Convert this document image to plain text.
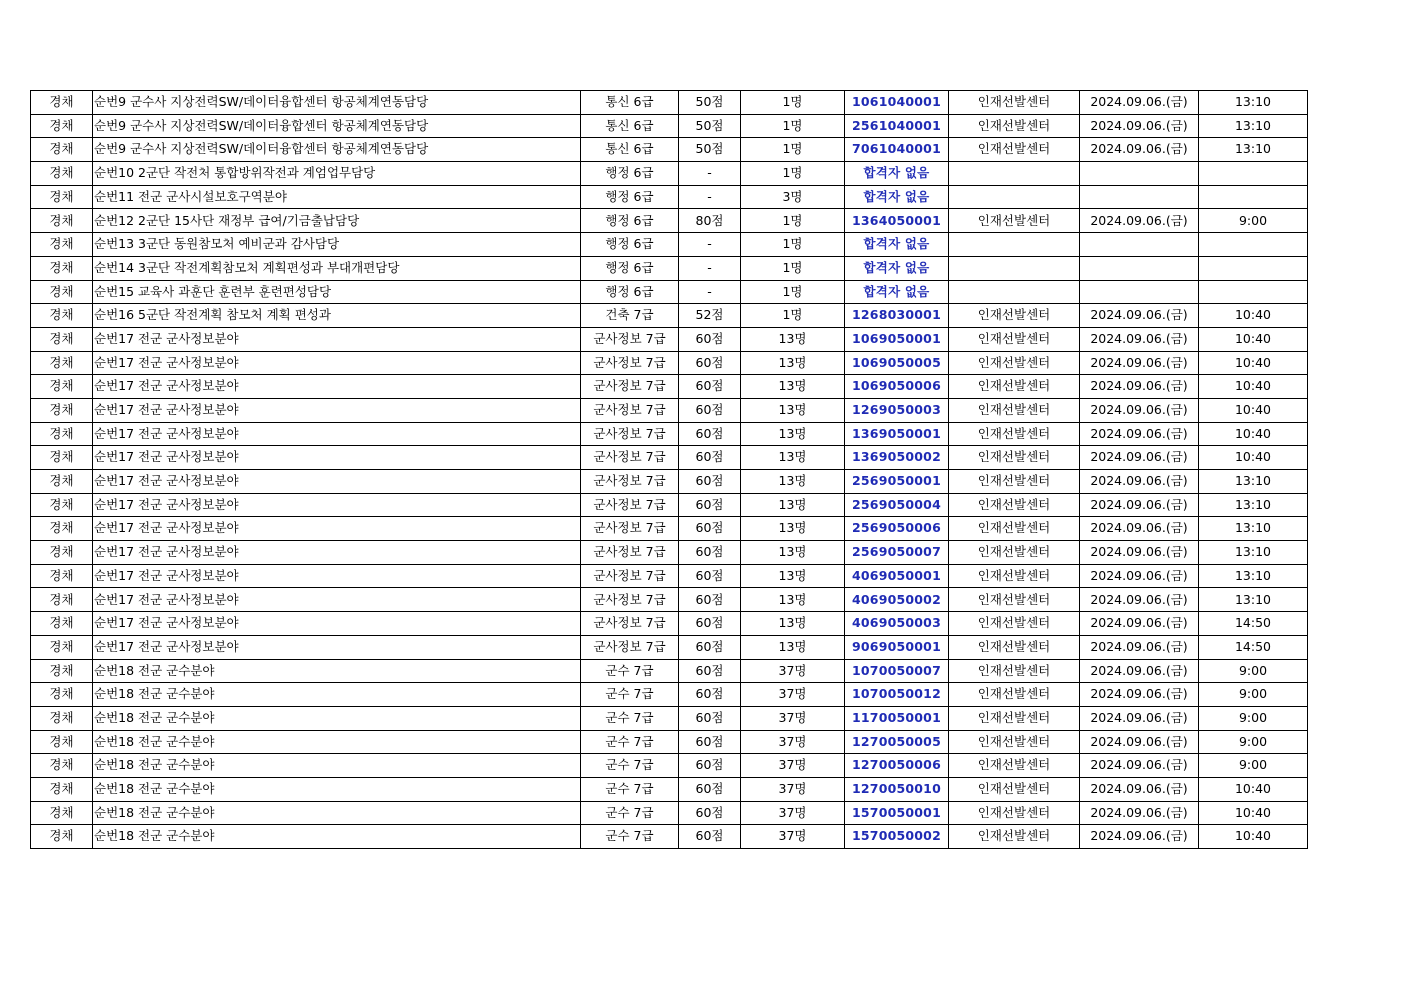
경채	순번9 군수사 지상전력SW/데이터융합센터 항공체계연동담당	통신 6급	50점	1명	1061040001	인재선발센터	2024.09.06.(금)	13:10
경채	순번9 군수사 지상전력SW/데이터융합센터 항공체계연동담당	통신 6급	50점	1명	2561040001	인재선발센터	2024.09.06.(금)	13:10
경채	순번9 군수사 지상전력SW/데이터융합센터 항공체계연동담당	통신 6급	50점	1명	7061040001	인재선발센터	2024.09.06.(금)	13:10
경채	순번10 2군단 작전처 통합방위작전과 계엄업무담당	행정 6급	-	1명	합격자 없음			
경채	순번11 전군 군사시설보호구역분야	행정 6급	-	3명	합격자 없음			
경채	순번12 2군단 15사단 재정부 급여/기금출납담당	행정 6급	80점	1명	1364050001	인재선발센터	2024.09.06.(금)	9:00
경채	순번13 3군단 동원참모처 예비군과 감사담당	행정 6급	-	1명	합격자 없음			
경채	순번14 3군단 작전계획참모처 계획편성과 부대개편담당	행정 6급	-	1명	합격자 없음			
경채	순번15 교육사 과훈단 훈련부 훈련편성담당	행정 6급	-	1명	합격자 없음			
경채	순번16 5군단 작전계획 참모처 계획 편성과	건축 7급	52점	1명	1268030001	인재선발센터	2024.09.06.(금)	10:40
경채	순번17 전군 군사정보분야	군사정보 7급	60점	13명	1069050001	인재선발센터	2024.09.06.(금)	10:40
경채	순번17 전군 군사정보분야	군사정보 7급	60점	13명	1069050005	인재선발센터	2024.09.06.(금)	10:40
경채	순번17 전군 군사정보분야	군사정보 7급	60점	13명	1069050006	인재선발센터	2024.09.06.(금)	10:40
경채	순번17 전군 군사정보분야	군사정보 7급	60점	13명	1269050003	인재선발센터	2024.09.06.(금)	10:40
경채	순번17 전군 군사정보분야	군사정보 7급	60점	13명	1369050001	인재선발센터	2024.09.06.(금)	10:40
경채	순번17 전군 군사정보분야	군사정보 7급	60점	13명	1369050002	인재선발센터	2024.09.06.(금)	10:40
경채	순번17 전군 군사정보분야	군사정보 7급	60점	13명	2569050001	인재선발센터	2024.09.06.(금)	13:10
경채	순번17 전군 군사정보분야	군사정보 7급	60점	13명	2569050004	인재선발센터	2024.09.06.(금)	13:10
경채	순번17 전군 군사정보분야	군사정보 7급	60점	13명	2569050006	인재선발센터	2024.09.06.(금)	13:10
경채	순번17 전군 군사정보분야	군사정보 7급	60점	13명	2569050007	인재선발센터	2024.09.06.(금)	13:10
경채	순번17 전군 군사정보분야	군사정보 7급	60점	13명	4069050001	인재선발센터	2024.09.06.(금)	13:10
경채	순번17 전군 군사정보분야	군사정보 7급	60점	13명	4069050002	인재선발센터	2024.09.06.(금)	13:10
경채	순번17 전군 군사정보분야	군사정보 7급	60점	13명	4069050003	인재선발센터	2024.09.06.(금)	14:50
경채	순번17 전군 군사정보분야	군사정보 7급	60점	13명	9069050001	인재선발센터	2024.09.06.(금)	14:50
경채	순번18 전군 군수분야	군수 7급	60점	37명	1070050007	인재선발센터	2024.09.06.(금)	9:00
경채	순번18 전군 군수분야	군수 7급	60점	37명	1070050012	인재선발센터	2024.09.06.(금)	9:00
경채	순번18 전군 군수분야	군수 7급	60점	37명	1170050001	인재선발센터	2024.09.06.(금)	9:00
경채	순번18 전군 군수분야	군수 7급	60점	37명	1270050005	인재선발센터	2024.09.06.(금)	9:00
경채	순번18 전군 군수분야	군수 7급	60점	37명	1270050006	인재선발센터	2024.09.06.(금)	9:00
경채	순번18 전군 군수분야	군수 7급	60점	37명	1270050010	인재선발센터	2024.09.06.(금)	10:40
경채	순번18 전군 군수분야	군수 7급	60점	37명	1570050001	인재선발센터	2024.09.06.(금)	10:40
경채	순번18 전군 군수분야	군수 7급	60점	37명	1570050002	인재선발센터	2024.09.06.(금)	10:40
